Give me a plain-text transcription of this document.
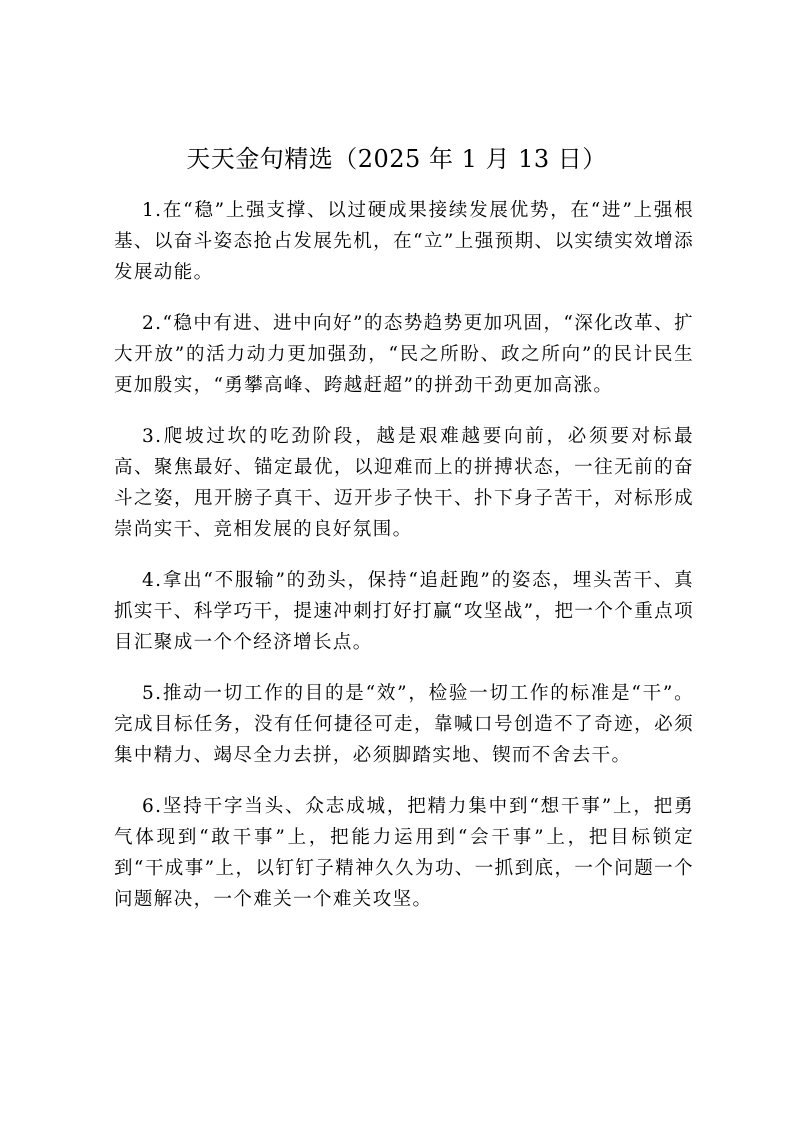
天天金句精选（2025 年 1 月 13 日）

1.在“稳”上强支撑、以过硬成果接续发展优势，在“进”上强根基、以奋斗姿态抢占发展先机，在“立”上强预期、以实绩实效增添发展动能。

2.“稳中有进、进中向好”的态势趋势更加巩固，“深化改革、扩大开放”的活力动力更加强劲，“民之所盼、政之所向”的民计民生更加殷实，“勇攀高峰、跨越赶超”的拼劲干劲更加高涨。

3.爬坡过坎的吃劲阶段，越是艰难越要向前，必须要对标最高、聚焦最好、锚定最优，以迎难而上的拼搏状态，一往无前的奋斗之姿，甩开膀子真干、迈开步子快干、扑下身子苦干，对标形成崇尚实干、竞相发展的良好氛围。

4.拿出“不服输”的劲头，保持“追赶跑”的姿态，埋头苦干、真抓实干、科学巧干，提速冲刺打好打赢“攻坚战”，把一个个重点项目汇聚成一个个经济增长点。

5.推动一切工作的目的是“效”，检验一切工作的标准是“干”。完成目标任务，没有任何捷径可走，靠喊口号创造不了奇迹，必须集中精力、竭尽全力去拼，必须脚踏实地、锲而不舍去干。

6.坚持干字当头、众志成城，把精力集中到“想干事”上，把勇气体现到“敢干事”上，把能力运用到“会干事”上，把目标锁定到“干成事”上，以钉钉子精神久久为功、一抓到底，一个问题一个问题解决，一个难关一个难关攻坚。
